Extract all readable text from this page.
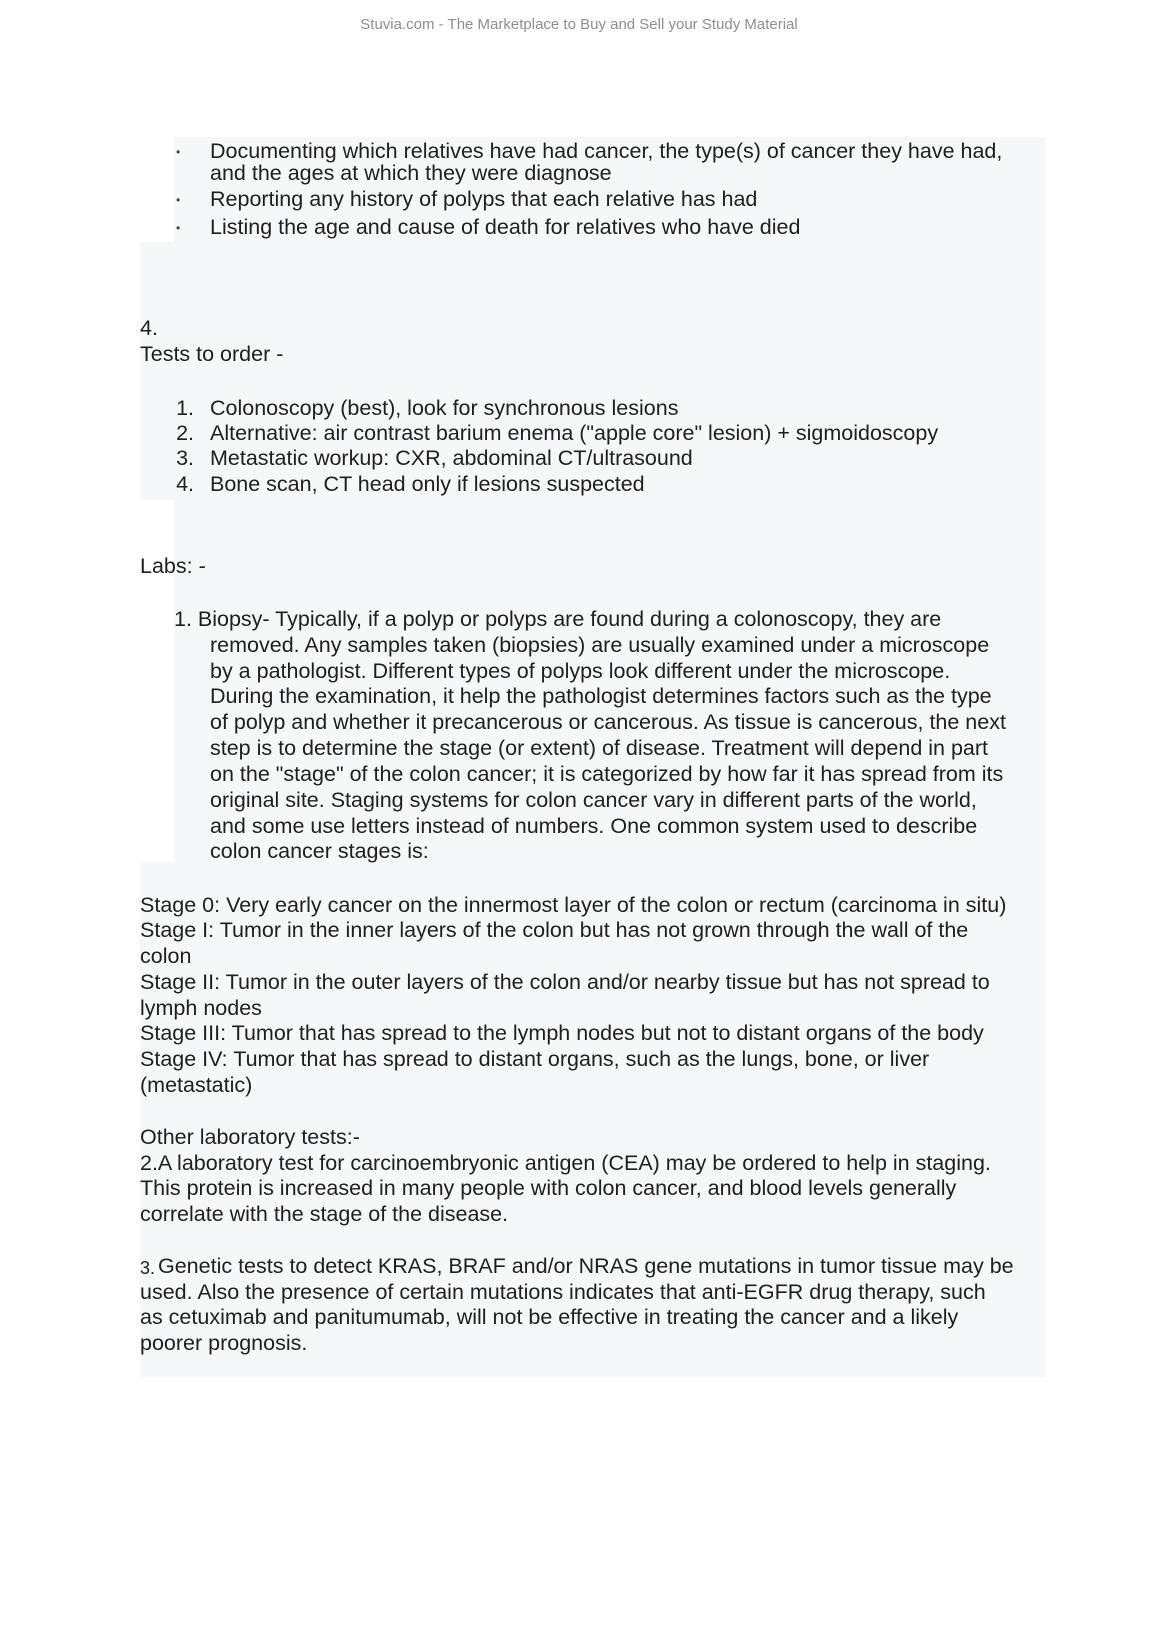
Stuvia.com - The Marketplace to Buy and Sell your Study Material
• Documenting which relatives have had cancer, the type(s) of cancer they have had,
and the ages at which they were diagnose
• Reporting any history of polyps that each relative has had
• Listing the age and cause of death for relatives who have died
4.
Tests to order -
1. Colonoscopy (best), look for synchronous lesions
2. Alternative: air contrast barium enema ("apple core" lesion) + sigmoidoscopy
3. Metastatic workup: CXR, abdominal CT/ultrasound
4. Bone scan, CT head only if lesions suspected
Labs: -
1. Biopsy- Typically, if a polyp or polyps are found during a colonoscopy, they are
removed. Any samples taken (biopsies) are usually examined under a microscope
by a pathologist. Different types of polyps look different under the microscope.
During the examination, it help the pathologist determines factors such as the type
of polyp and whether it precancerous or cancerous. As tissue is cancerous, the next
step is to determine the stage (or extent) of disease. Treatment will depend in part
on the "stage" of the colon cancer; it is categorized by how far it has spread from its
original site. Staging systems for colon cancer vary in different parts of the world,
and some use letters instead of numbers. One common system used to describe
colon cancer stages is:
Stage 0: Very early cancer on the innermost layer of the colon or rectum (carcinoma in situ)
Stage I: Tumor in the inner layers of the colon but has not grown through the wall of the
colon
Stage II: Tumor in the outer layers of the colon and/or nearby tissue but has not spread to
lymph nodes
Stage III: Tumor that has spread to the lymph nodes but not to distant organs of the body
Stage IV: Tumor that has spread to distant organs, such as the lungs, bone, or liver
(metastatic)
Other laboratory tests:-
2.A laboratory test for carcinoembryonic antigen (CEA) may be ordered to help in staging.
This protein is increased in many people with colon cancer, and blood levels generally
correlate with the stage of the disease.
3. Genetic tests to detect KRAS, BRAF and/or NRAS gene mutations in tumor tissue may be
used. Also the presence of certain mutations indicates that anti-EGFR drug therapy, such
as cetuximab and panitumumab, will not be effective in treating the cancer and a likely
poorer prognosis.
